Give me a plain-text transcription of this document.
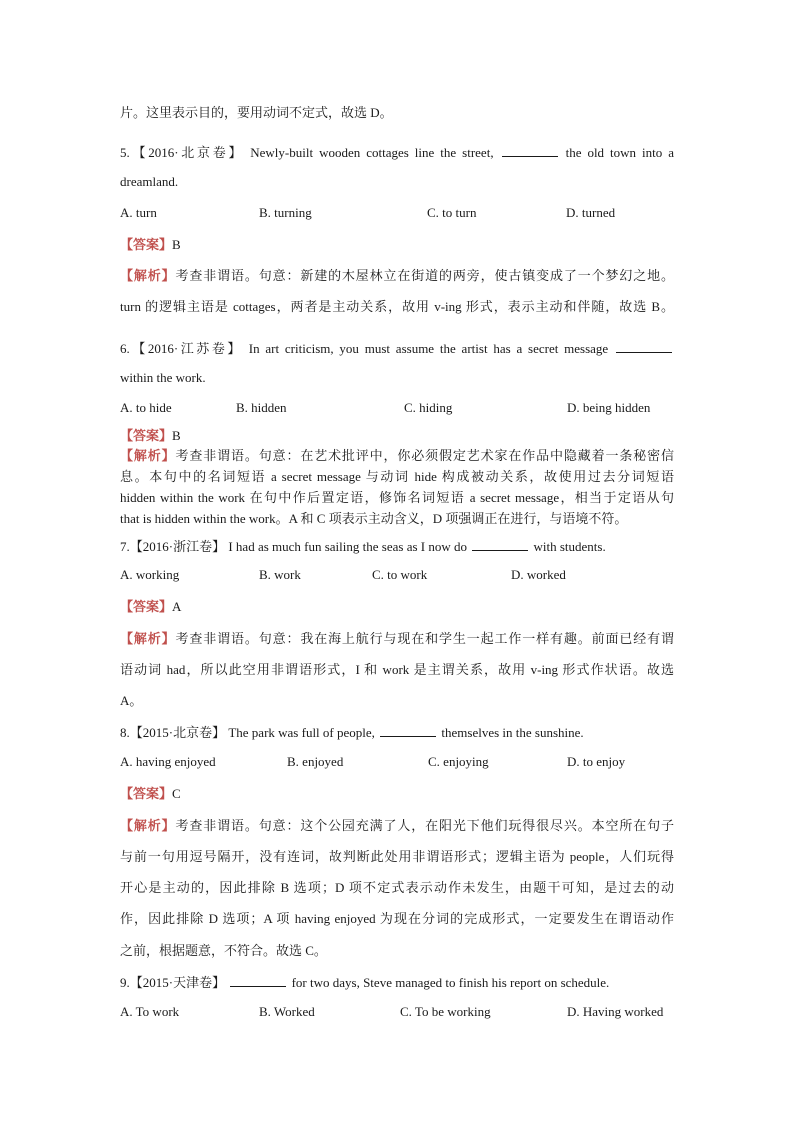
片。这里表示目的，要用动词不定式，故选 D。
5.【2016·北京卷】 Newly-built wooden cottages line the street,	the old town into a
dreamland.
A. turn	B. turning	C. to turn	D. turned
【答案】B
【解析】考查非谓语。句意：新建的木屋林立在街道的两旁，使古镇变成了一个梦幻之地。
turn 的逻辑主语是 cottages，两者是主动关系，故用 v-ing 形式，表示主动和伴随，故选 B。
6.【2016·江苏卷】 In art criticism, you must assume the artist has a secret message
within the work.
A. to hide	B. hidden	C. hiding	D. being hidden
【答案】B
【解析】考查非谓语。句意：在艺术批评中，你必须假定艺术家在作品中隐藏着一条秘密信
息。本句中的名词短语 a secret message 与动词 hide 构成被动关系，故使用过去分词短语
hidden within the work 在句中作后置定语，修饰名词短语 a secret message，相当于定语从句
that is hidden within the work。A 和 C 项表示主动含义，D 项强调正在进行，与语境不符。
7.【2016·浙江卷】 I had as much fun sailing the seas as I now do	with students.
A. working	B. work	C. to work	D. worked
【答案】A
【解析】考查非谓语。句意：我在海上航行与现在和学生一起工作一样有趣。前面已经有谓
语动词 had，所以此空用非谓语形式，I 和 work 是主谓关系，故用 v-ing 形式作状语。故选
A。
8.【2015·北京卷】 The park was full of people,	themselves in the sunshine.
A. having enjoyed	B. enjoyed	C. enjoying	D. to enjoy
【答案】C
【解析】考查非谓语。句意：这个公园充满了人，在阳光下他们玩得很尽兴。本空所在句子
与前一句用逗号隔开，没有连词，故判断此处用非谓语形式；逻辑主语为 people，人们玩得
开心是主动的，因此排除 B 选项；D 项不定式表示动作未发生，由题干可知，是过去的动
作，因此排除 D 选项；A 项 having enjoyed 为现在分词的完成形式，一定要发生在谓语动作
之前，根据题意，不符合。故选 C。
9.【2015·天津卷】	for two days, Steve managed to finish his report on schedule.
A. To work	B. Worked	C. To be working	D. Having worked
